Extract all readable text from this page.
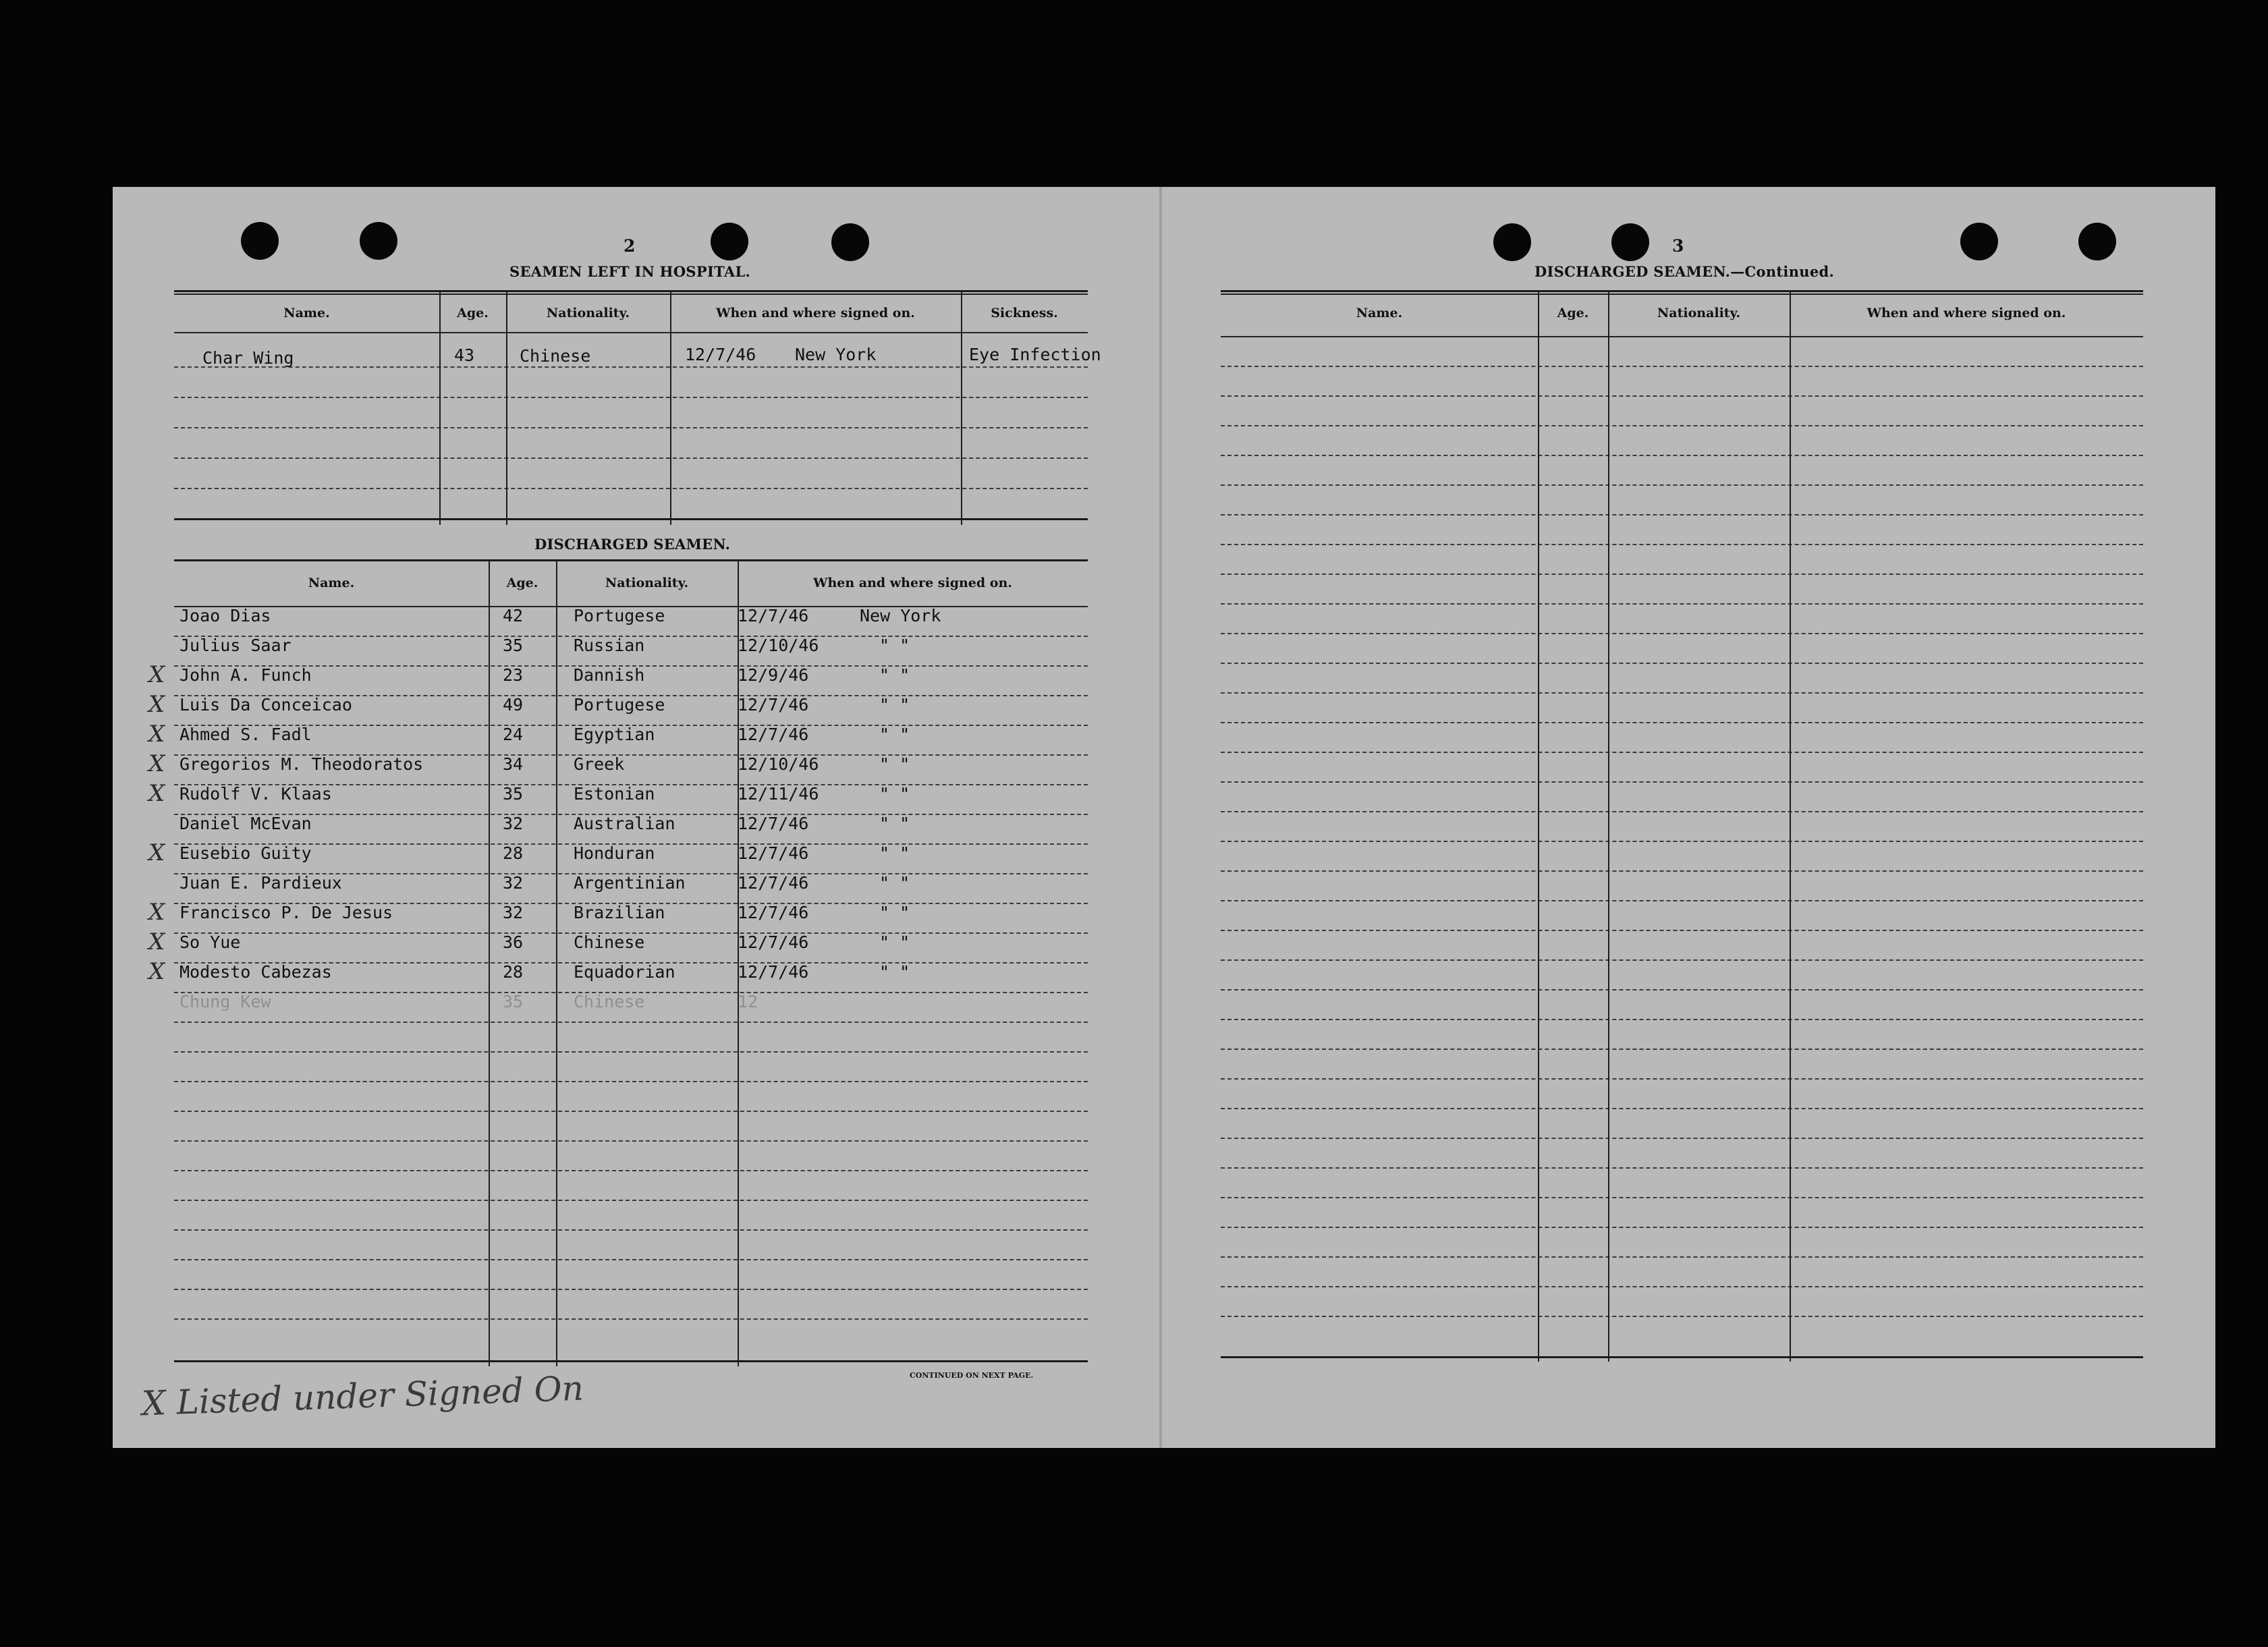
2	3
SEAMEN LEFT IN HOSPITAL.
Name.	Age.	Nationality.	When and where signed on.	Sickness.
Char Wing	43	Chinese	12/7/46 New York	Eye Infection
DISCHARGED SEAMEN.
Name.	Age.	Nationality.	When and where signed on.
Joao Dias	42	Portugese	12/7/46	New York
Julius Saar	35	Russian	12/10/46	" "
X John A. Funch	23	Dannish	12/9/46	" "
X Luis Da Conceicao	49	Portugese	12/7/46	" "
X Ahmed S. Fadl	24	Egyptian	12/7/46	" "
X Gregorios M. Theodoratos	34	Greek	12/10/46	" "
X Rudolf V. Klaas	35	Estonian	12/11/46	" "
Daniel McEvan	32	Australian	12/7/46	" "
X Eusebio Guity	28	Honduran	12/7/46	" "
Juan E. Pardieux	32	Argentinian	12/7/46	" "
X Francisco P. De Jesus	32	Brazilian	12/7/46	" "
X So Yue	36	Chinese	12/7/46	" "
X Modesto Cabezas	28	Equadorian	12/7/46	" "
Chung Kew	35	Chinese	12
CONTINUED ON NEXT PAGE.
DISCHARGED SEAMEN.—Continued.
Name.	Age.	Nationality.	When and where signed on.
X Listed under Signed On
